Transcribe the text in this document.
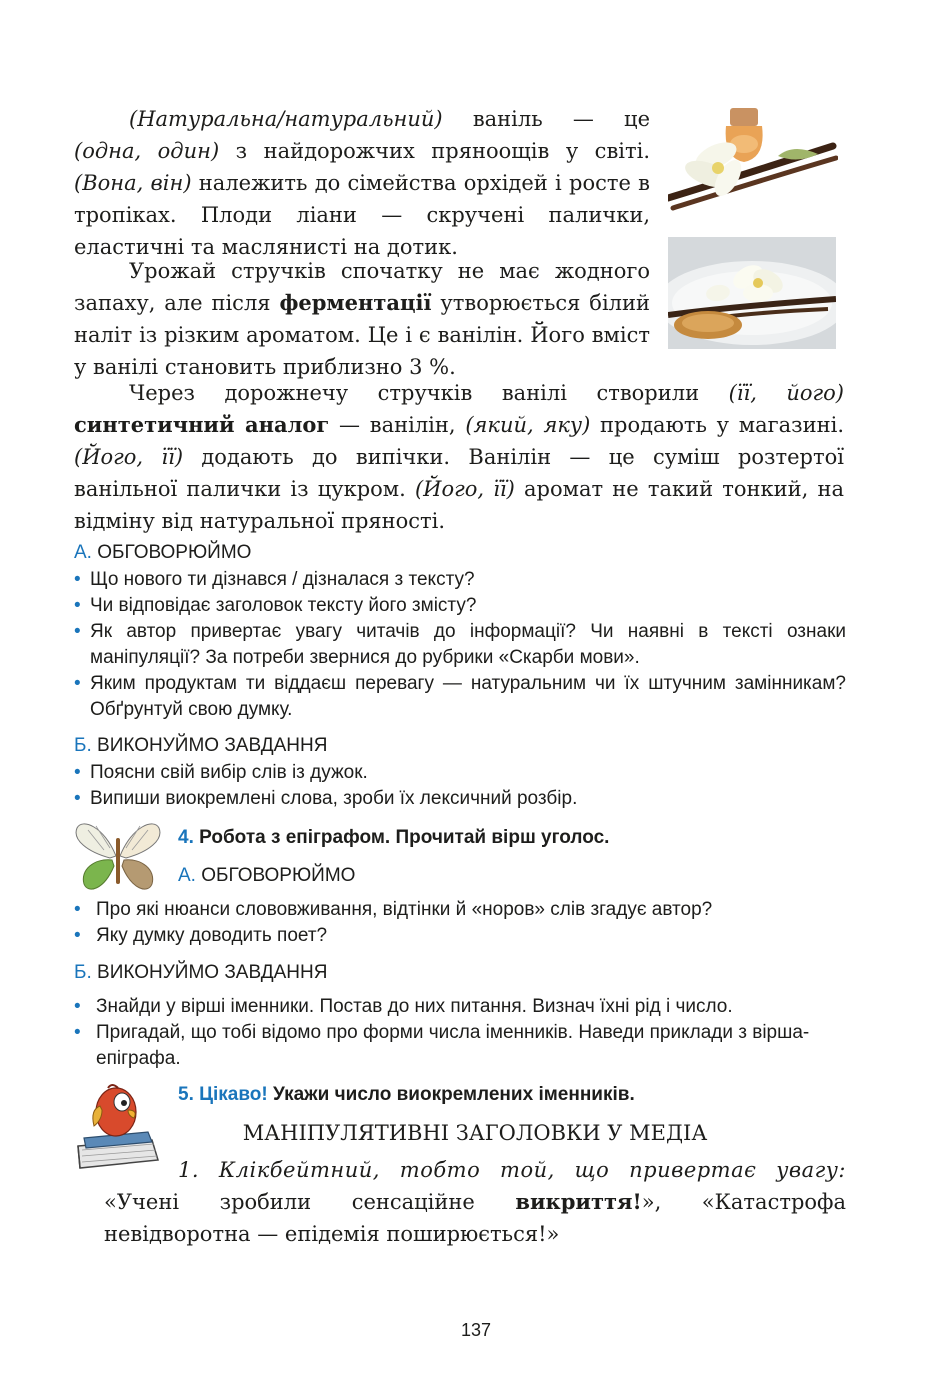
(Натуральна/натуральний) ваніль — це (одна, один) з найдорожчих пряноощів у світі. (Вона, він) належить до сімейства орхідей і росте в тропіках. Плоди ліани — скручені палички, еластичні та маслянисті на дотик.

Урожай стручків спочатку не має жодного запаху, але після ферментації утворюється білий наліт із різким ароматом. Це і є ванілін. Його вміст у ванілі становить приблизно 3 %.

Через дорожнечу стручків ванілі створили (її, його) синтетичний аналог — ванілін, (який, яку) продають у магазині. (Його, її) додають до випічки. Ванілін — це суміш розтертої ванільної палички із цукром. (Його, її) аромат не такий тонкий, на відміну від натуральної пряності.

А. ОБГОВОРЮЙМО

• Що нового ти дізнався / дізналася з тексту?

• Чи відповідає заголовок тексту його змісту?

• Як автор привертає увагу читачів до інформації? Чи наявні в тексті ознаки маніпуляції? За потреби звернися до рубрики «Скарби мови».

• Яким продуктам ти віддаєш перевагу — натуральним чи їх штучним замінникам? Обґрунтуй свою думку.

Б. ВИКОНУЙМО ЗАВДАННЯ

• Поясни свій вибір слів із дужок.

• Випиши виокремлені слова, зроби їх лексичний розбір.

4. Робота з епіграфом. Прочитай вірш уголос.

А. ОБГОВОРЮЙМО

• Про які нюанси слововживання, відтінки й «норов» слів згадує автор?

• Яку думку доводить поет?

Б. ВИКОНУЙМО ЗАВДАННЯ

• Знайди у вірші іменники. Постав до них питання. Визнач їхні рід і число.

• Пригадай, що тобі відомо про форми числа іменників. Наведи приклади з вірша-епіграфа.

5. Цікаво! Укажи число виокремлених іменників.

МАНІПУЛЯТИВНІ ЗАГОЛОВКИ У МЕДІА

1. Клікбейтний, тобто той, що привертає увагу: «Учені зробили сенсаційне викриття!», «Катастрофа невідворотна — епідемія поширюється!»

137
